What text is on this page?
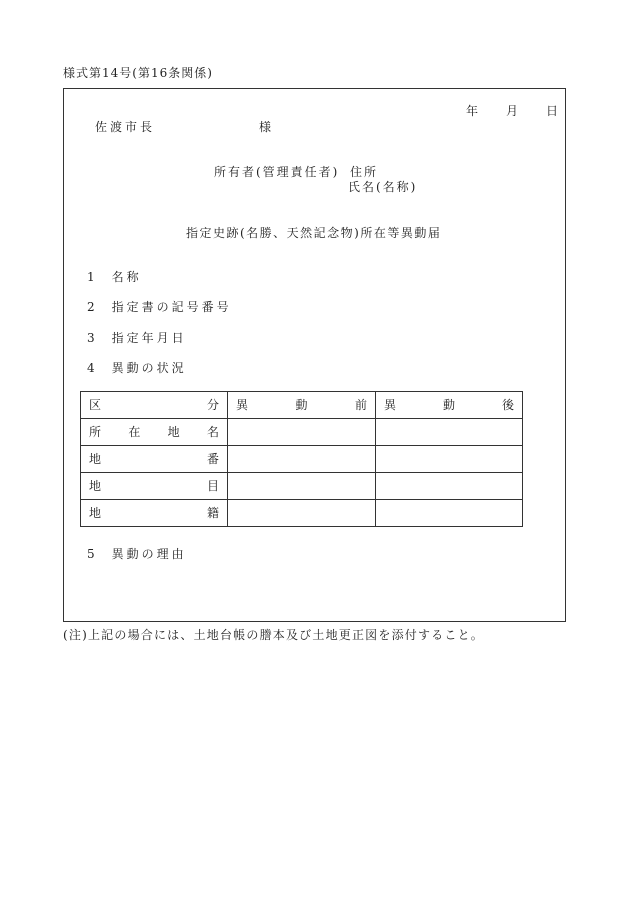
様式第14号(第16条関係)
年 月 日
佐渡市長	様
所有者(管理責任者) 住所
氏名(名称)
指定史跡(名勝、天然記念物)所在等異動届
1 名称
2 指定書の記号番号
3 指定年月日
4 異動の状況
区 分	異 動 前	異 動 後

所 在 地 名		

地 番		

地 目		

地 籍		

5 異動の理由
(注)上記の場合には、土地台帳の謄本及び土地更正図を添付すること。
